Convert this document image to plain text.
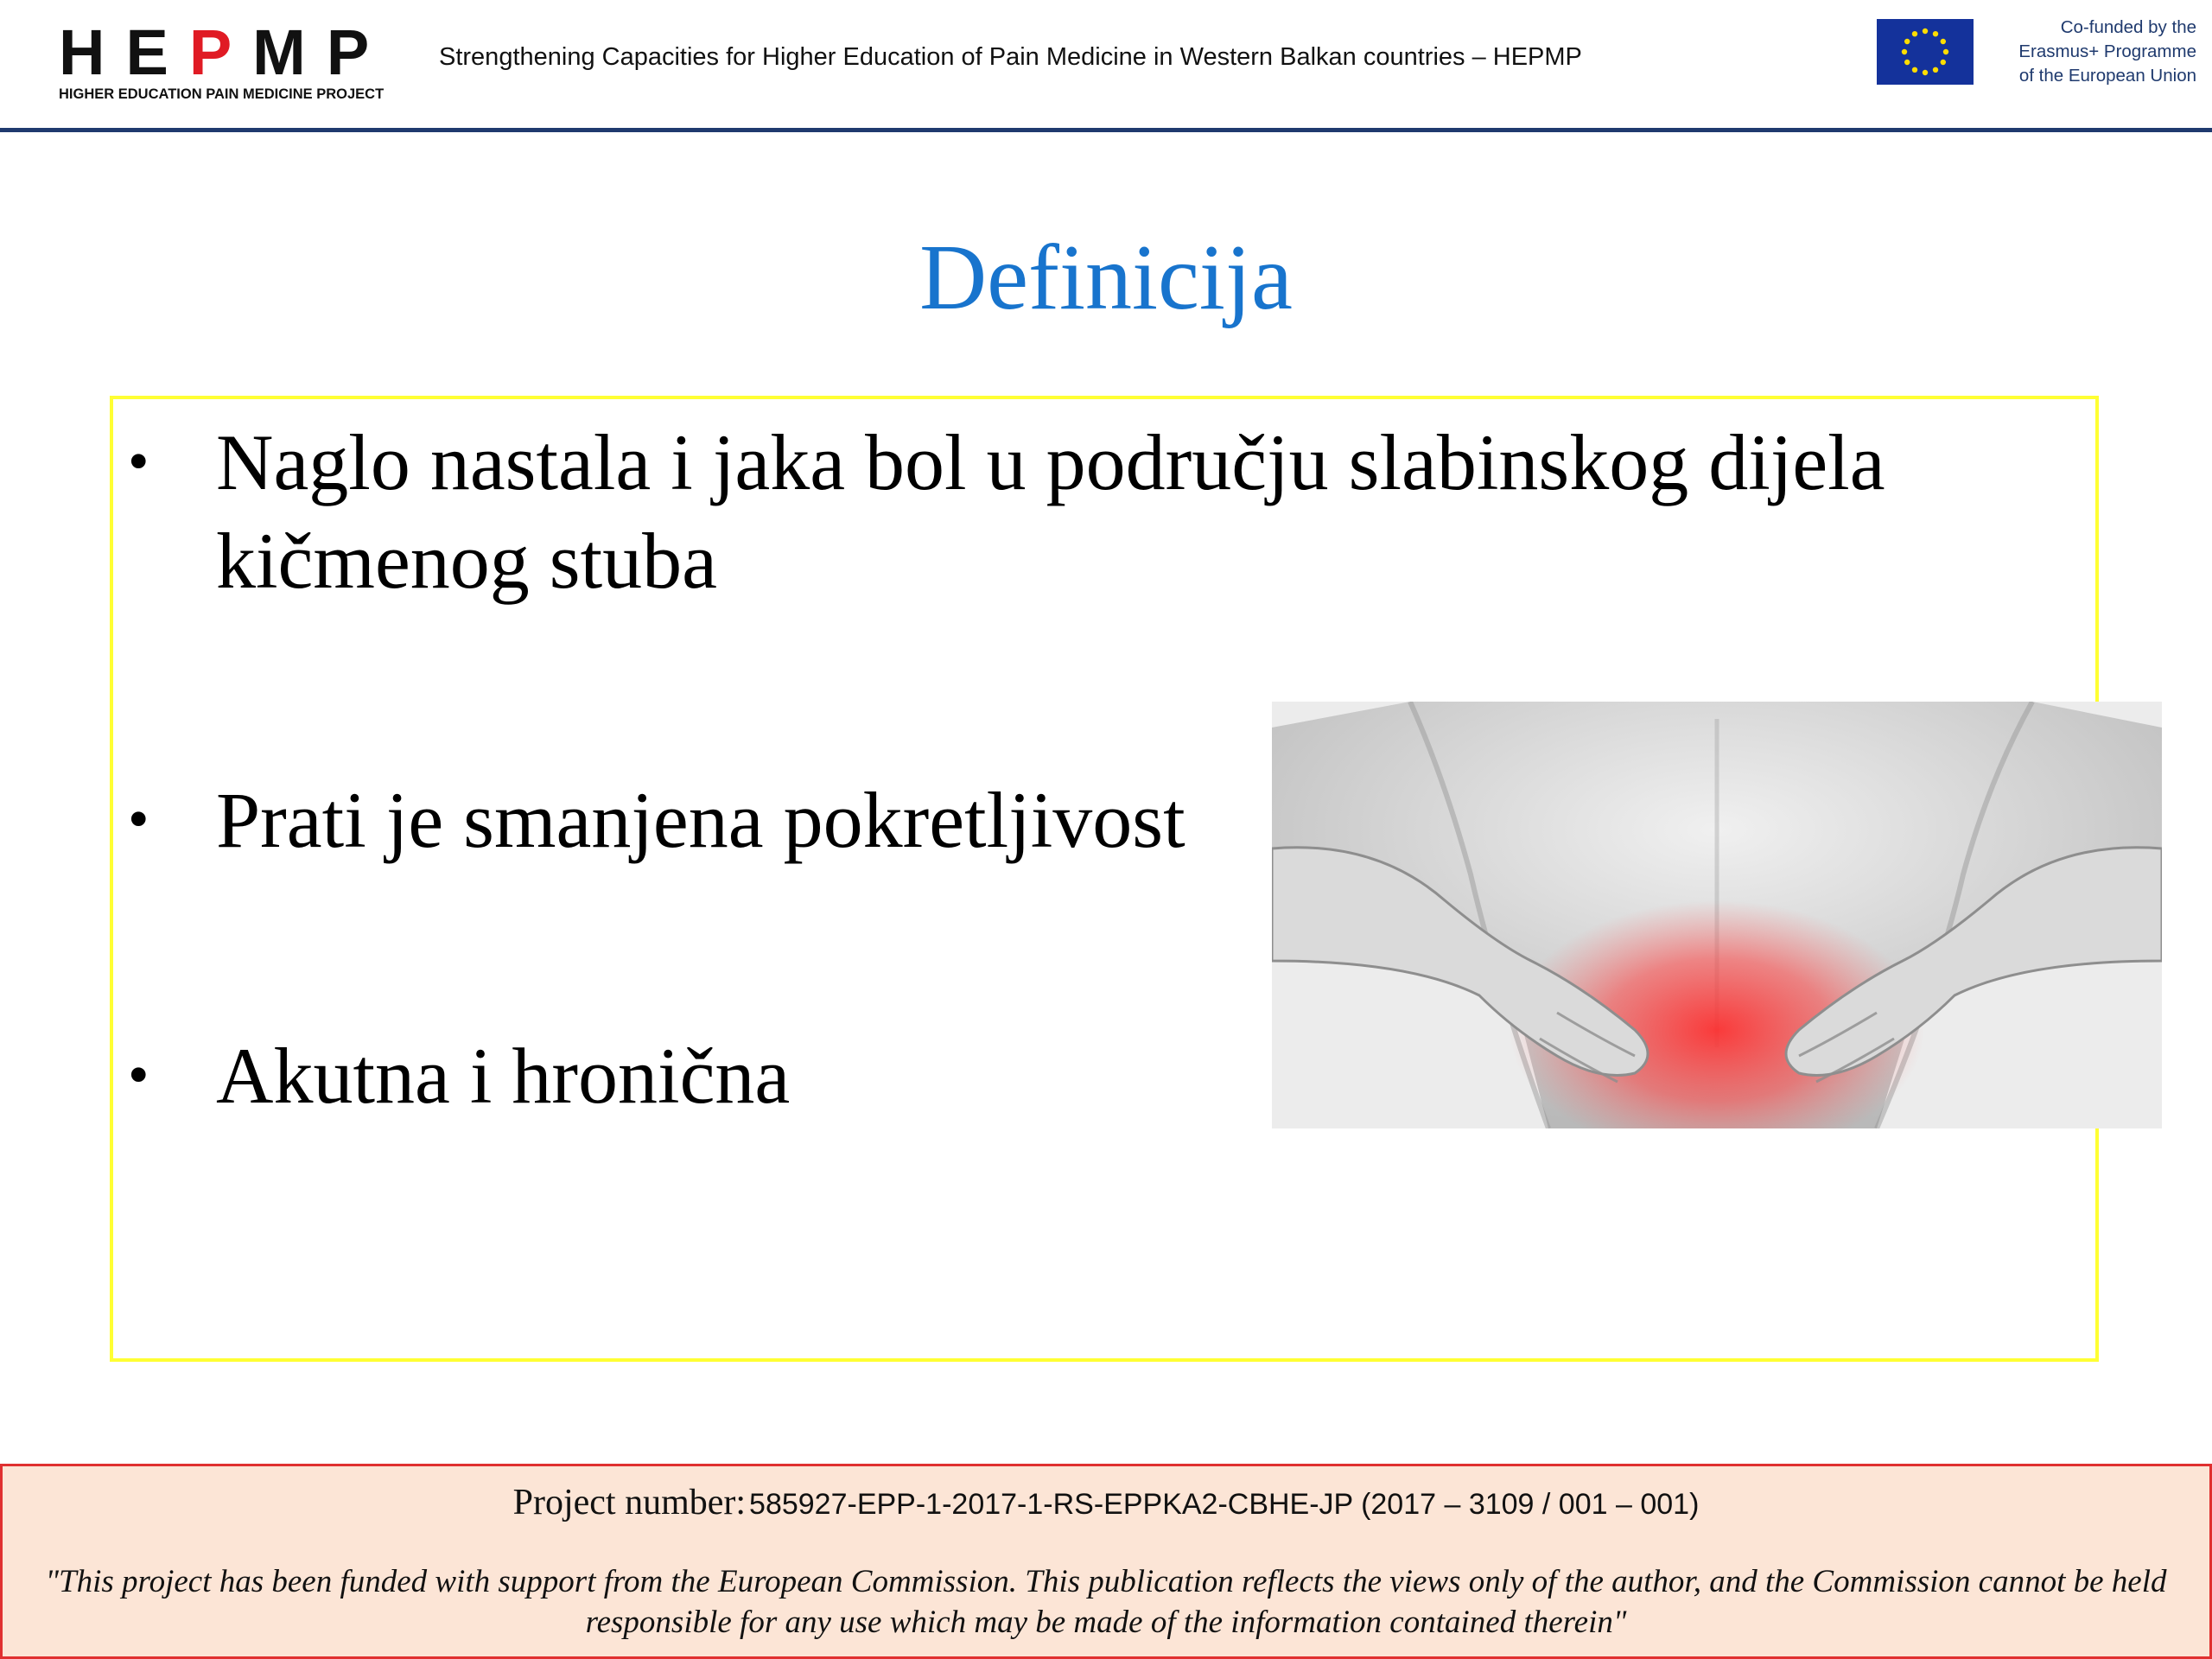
H E P M P
HIGHER EDUCATION PAIN MEDICINE PROJECT
Strengthening Capacities for Higher Education of Pain Medicine in Western Balkan countries – HEPMP
Co-funded by the
Erasmus+ Programme
of the European Union
Definicija
• Naglo nastala i jaka bol u području slabinskog dijela kičmenog stuba
• Prati je smanjena pokretljivost
• Akutna i hronična
Project number: 585927-EPP-1-2017-1-RS-EPPKA2-CBHE-JP (2017 – 3109 / 001 – 001)
"This project has been funded with support from the European Commission. This publication reflects the views only of the author, and the Commission cannot be held responsible for any use which may be made of the information contained therein"
